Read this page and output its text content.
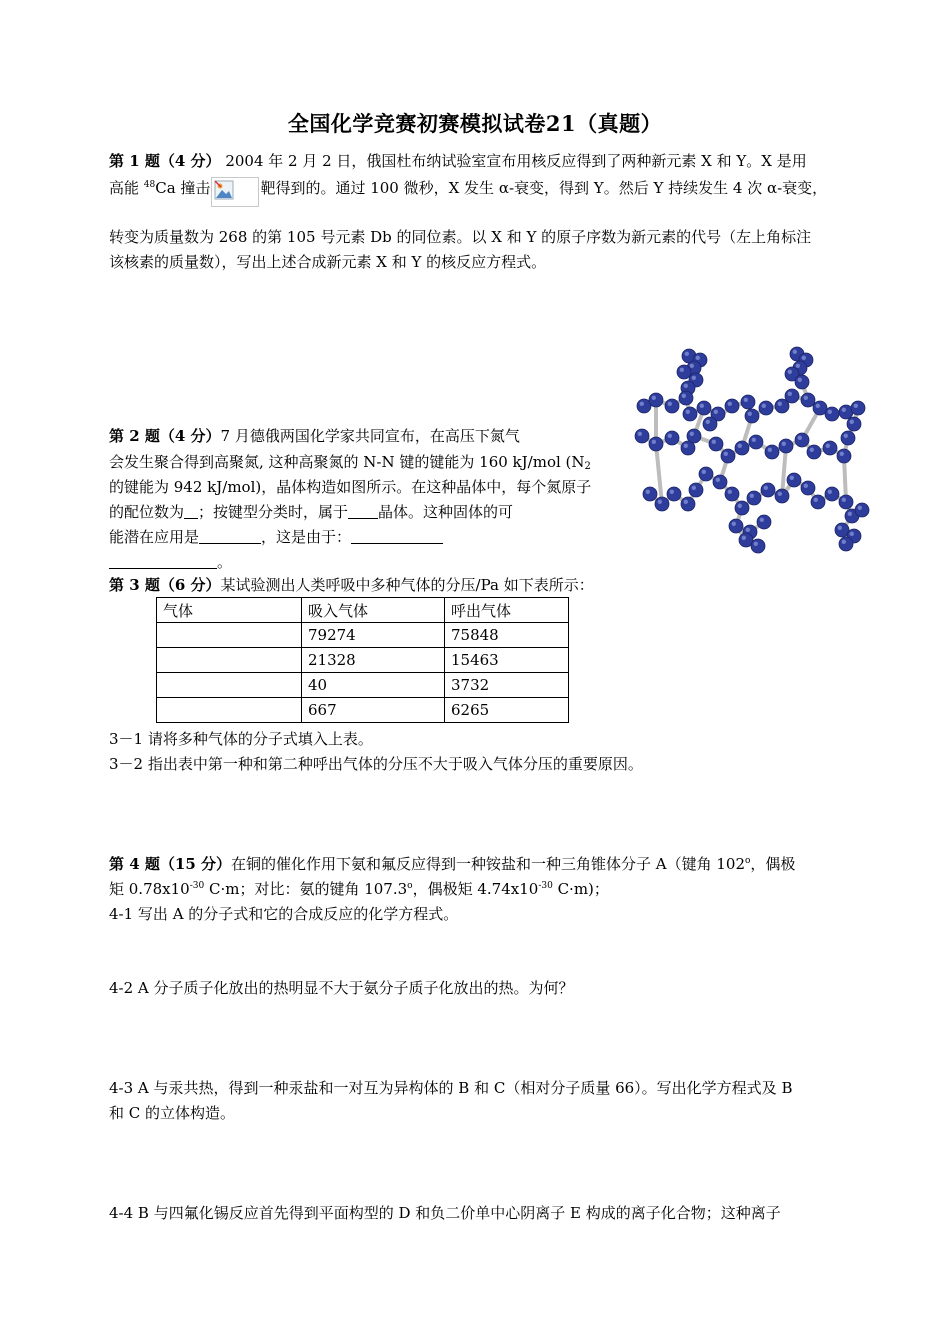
全国化学竞赛初赛模拟试卷21（真题）
第 1 题（4 分） 2004 年 2 月 2 日，俄国杜布纳试验室宣布用核反应得到了两种新元素 X 和 Y。X 是用
高能 $^{48}$Ca 撞击	靶得到的。通过 100 微秒，X 发生 α-衰变，得到 Y。然后 Y 持续发生 4 次 α-衰变，
转变为质量数为 268 的第 105 号元素 Db 的同位素。以 X 和 Y 的原子序数为新元素的代号（左上角标注
该核素的质量数），写出上述合成新元素 X 和 Y 的核反应方程式。
第 2 题（4 分）7 月德俄两国化学家共同宣布，在高压下氮气
会发生聚合得到高聚氮, 这种高聚氮的 N-N 键的键能为 160 kJ/mol ($N_2$
的键能为 942 kJ/mol)，晶体构造如图所示。在这种晶体中，每个氮原子
的配位数为 ；按键型分类时，属于 晶体。这种固体的可
能潜在应用是	，这是由于：
。
第 3 题（6 分）某试验测出人类呼吸中多种气体的分压/Pa 如下表所示：
气体	吸入气体	呼出气体
	79274	75848
	21328	15463
	40	3732
	667	6265
3－1 请将多种气体的分子式填入上表。
3－2 指出表中第一种和第二种呼出气体的分压不大于吸入气体分压的重要原因。
第 4 题（15 分）在铜的催化作用下氨和氟反应得到一种铵盐和一种三角锥体分子 A（键角 102$^o$，偶极
矩 $0.78x10^{-30}$ C·m；对比：氨的键角 107.3$^o$，偶极矩 $4.74x10^{-30}$ C·m)；
4-1 写出 A 的分子式和它的合成反应的化学方程式。
4-2 A 分子质子化放出的热明显不大于氨分子质子化放出的热。为何？
4-3 A 与汞共热，得到一种汞盐和一对互为异构体的 B 和 C（相对分子质量 66）。写出化学方程式及 B
和 C 的立体构造。
4-4 B 与四氟化锡反应首先得到平面构型的 D 和负二价单中心阴离子 E 构成的离子化合物；这种离子
